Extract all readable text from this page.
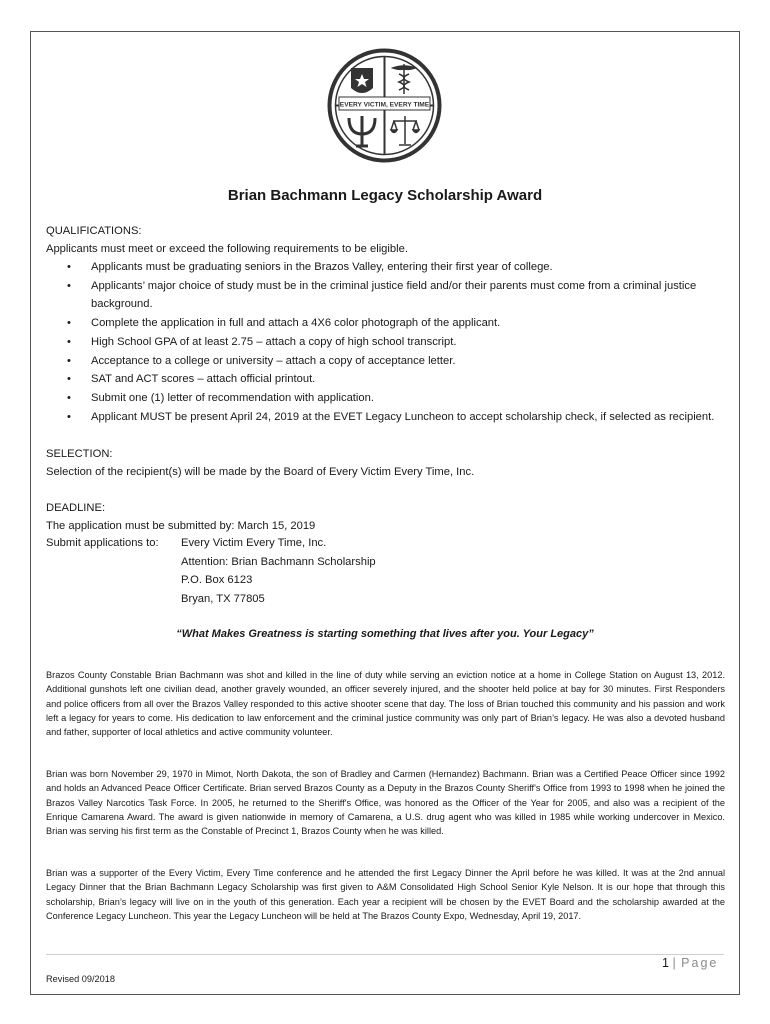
EVERY VICTIM, EVERY TIME
Brian Bachmann Legacy Scholarship Award
QUALIFICATIONS:
Applicants must meet or exceed the following requirements to be eligible.
• Applicants must be graduating seniors in the Brazos Valley, entering their first year of college.
• Applicants’ major choice of study must be in the criminal justice field and/or their parents must come from a criminal justice background.
• Complete the application in full and attach a 4X6 color photograph of the applicant.
• High School GPA of at least 2.75 – attach a copy of high school transcript.
• Acceptance to a college or university – attach a copy of acceptance letter.
• SAT and ACT scores – attach official printout.
• Submit one (1) letter of recommendation with application.
• Applicant MUST be present April 24, 2019 at the EVET Legacy Luncheon to accept scholarship check, if selected as recipient.
SELECTION:
Selection of the recipient(s) will be made by the Board of Every Victim Every Time, Inc.
DEADLINE:
The application must be submitted by: March 15, 2019
Submit applications to: Every Victim Every Time, Inc.
Attention: Brian Bachmann Scholarship
P.O. Box 6123
Bryan, TX 77805
“What Makes Greatness is starting something that lives after you. Your Legacy”

Brazos County Constable Brian Bachmann was shot and killed in the line of duty while serving an eviction notice at a home in College Station on August 13, 2012. Additional gunshots left one civilian dead, another gravely wounded, an officer severely injured, and the shooter held police at bay for 30 minutes. First Responders and police officers from all over the Brazos Valley responded to this active shooter scene that day. The loss of Brian touched this community and his passion and work left a legacy for years to come. His dedication to law enforcement and the criminal justice community was only part of Brian’s legacy. He was also a devoted husband and father, supporter of local athletics and active community volunteer.

Brian was born November 29, 1970 in Mimot, North Dakota, the son of Bradley and Carmen (Hernandez) Bachmann. Brian was a Certified Peace Officer since 1992 and holds an Advanced Peace Officer Certificate. Brian served Brazos County as a Deputy in the Brazos County Sheriff's Office from 1993 to 1998 when he joined the Brazos Valley Narcotics Task Force. In 2005, he returned to the Sheriff's Office, was honored as the Officer of the Year for 2005, and also was a recipient of the Enrique Camarena Award. The award is given nationwide in memory of Camarena, a U.S. drug agent who was killed in 1985 while working undercover in Mexico. Brian was serving his first term as the Constable of Precinct 1, Brazos County when he was killed.

Brian was a supporter of the Every Victim, Every Time conference and he attended the first Legacy Dinner the April before he was killed. It was at the 2nd annual Legacy Dinner that the Brian Bachmann Legacy Scholarship was first given to A&M Consolidated High School Senior Kyle Nelson. It is our hope that through this scholarship, Brian’s legacy will live on in the youth of this generation. Each year a recipient will be chosen by the EVET Board and the scholarship awarded at the Conference Legacy Luncheon. This year the Legacy Luncheon will be held at The Brazos County Expo, Wednesday, April 19, 2017.

1 | Page
Revised 09/2018
